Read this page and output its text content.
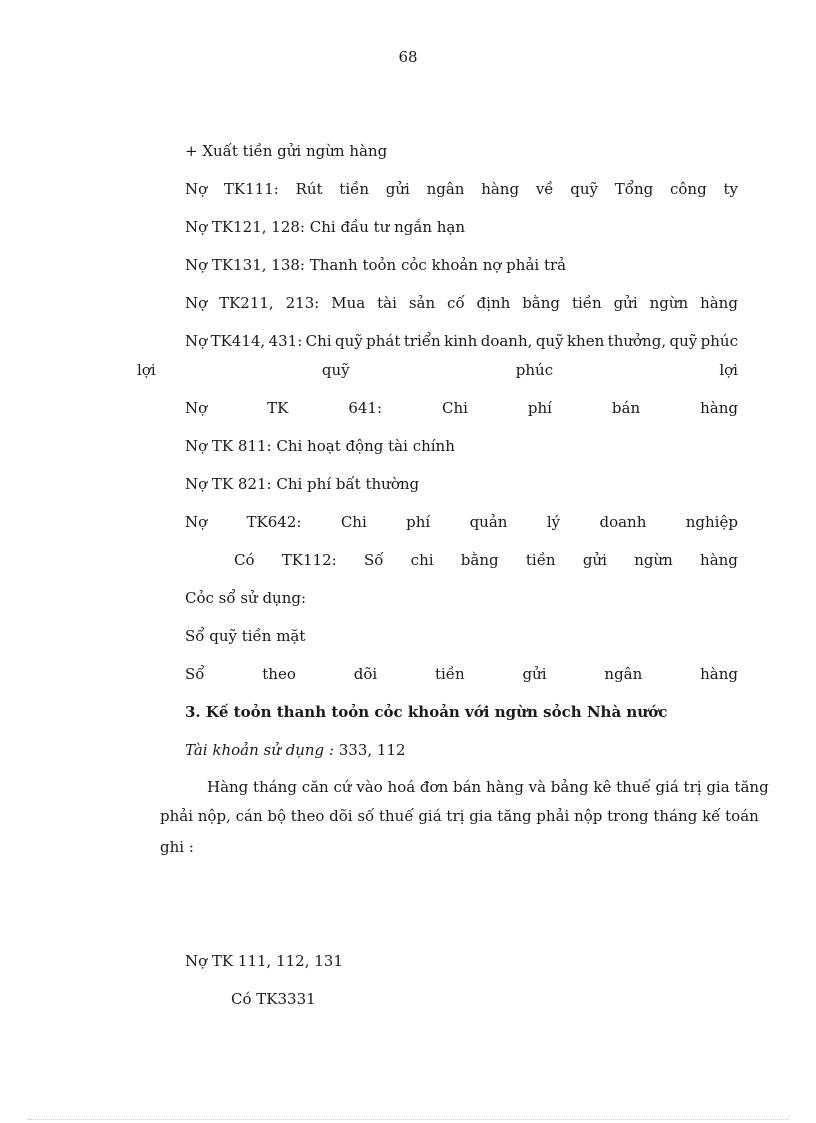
68
+ Xuất tiền gửi ngừn hàng
Nợ TK111: Rút tiền gửi ngân hàng về quỹ Tổng công ty
Nợ TK121, 128: Chi đầu tư ngắn hạn
Nợ TK131, 138: Thanh toỏn cỏc khoản nợ phải trả
Nợ TK211, 213: Mua tài sản cố định bằng tiền gửi ngừn hàng
Nợ TK414, 431: Chi quỹ phát triển kinh doanh, quỹ khen thưởng, quỹ phúc
lợi	quỹ	phúc	lợi
Nợ	TK	641:	Chi	phí	bán	hàng
Nợ TK 811: Chi hoạt động tài chính
Nợ TK 821: Chi phí bất thường
Nợ	TK642:	Chi	phí	quản	lý	doanh	nghiệp
Có TK112: Số chi bằng tiền gửi ngừn hàng
Cỏc sổ sử dụng:
Sổ quỹ tiền mặt
Sổ	theo	dõi	tiền	gửi	ngân	hàng
3. Kế toỏn thanh toỏn cỏc khoản với ngừn sỏch Nhà nước
Tài khoản sử dụng : 333, 112
Hàng tháng căn cứ vào hoá đơn bán hàng và bảng kê thuế giá trị gia tăng
phải nộp, cán bộ theo dõi số thuế giá trị gia tăng phải nộp trong tháng kế toán
ghi :
Nợ TK 111, 112, 131
Có TK3331
